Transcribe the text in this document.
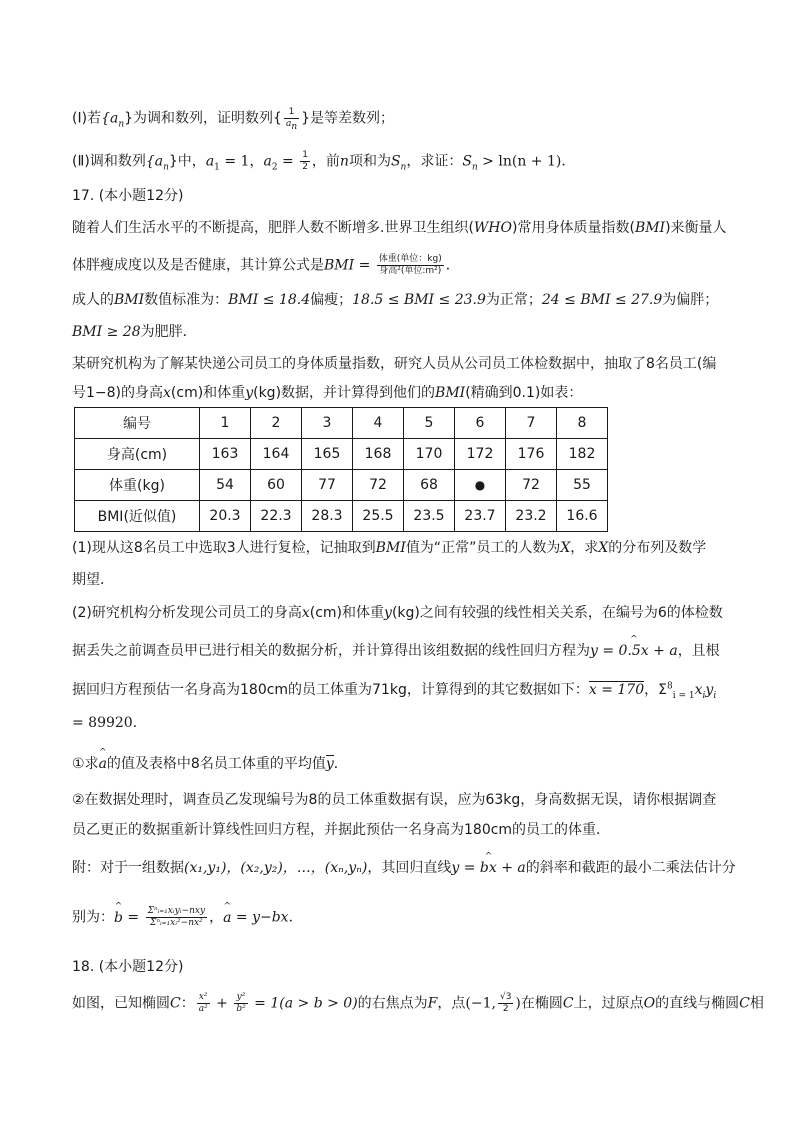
(Ⅰ)若$\{a_n\}$为调和数列，证明数列{ $\frac{1}{a_n}$ }是等差数列；
(Ⅱ)调和数列$\{a_n\}$中，$a_1 = 1$，$a_2 = \frac{1}{2}$ ，前n项和为$S_n$，求证：$S_n > \ln(n + 1)$．
17. (本小题12分)
随着人们生活水平的不断提高，肥胖人数不断增多.世界卫生组织(WHO)常用身体质量指数(BMI)来衡量人
体胖瘦成度以及是否健康，其计算公式是BMI = $\frac{\text{体重(单位：kg)}}{\text{身高²(单位:m²)}}$ ．
成人的BMI数值标准为：BMI ≤ 18.4偏瘦；18.5 ≤ BMI ≤ 23.9为正常；24 ≤ BMI ≤ 27.9为偏胖；
BMI ≥ 28为肥胖．
某研究机构为了解某快递公司员工的身体质量指数，研究人员从公司员工体检数据中，抽取了8名员工(编
号1−8)的身高x(cm)和体重y(kg)数据，并计算得到他们的BMI(精确到0.1)如表：
编号	1	2	3	4	5	6	7	8
身高(cm)	163	164	165	168	170	172	176	182
体重(kg)	54	60	77	72	68	●	72	55
BMI(近似值)	20.3	22.3	28.3	25.5	23.5	23.7	23.2	16.6
(1)现从这8名员工中选取3人进行复检，记抽取到BMI值为“正常”员工的人数为X，求X的分布列及数学
期望．
(2)研究机构分析发现公司员工的身高x(cm)和体重y(kg)之间有较强的线性相关关系，在编号为6的体检数
据丢失之前调查员甲已进行相关的数据分析，并计算得出该组数据的线性回归方程为^ y = 0.5x + a，且根
据回归方程预估一名身高为180cm的员工体重为71kg，计算得到的其它数据如下：x = 170，$\Sigma^8_{i = 1}x_iy_i$
= 89920．
①求^ a的值及表格中8名员工体重的平均值y．
②在数据处理时，调查员乙发现编号为8的员工体重数据有误，应为63kg，身高数据无误，请你根据调查
员乙更正的数据重新计算线性回归方程，并据此预估一名身高为180cm的员工的体重．
附：对于一组数据(x₁,y₁)，(x₂,y₂)，…，(xₙ,yₙ)，其回归直线^ y = bx + a的斜率和截距的最小二乘法估计分
别为：^ $b = \frac{\text{Σⁿᵢ₌₁xᵢyᵢ−nxy}}{\text{Σⁿᵢ₌₁xᵢ²−nx²}}$ ，^ a = y−bx．
18. (本小题12分)
如图，已知椭圆C： $\frac{\text{x²}}{\text{a²}} + \frac{\text{y²}}{\text{b²}} = 1(a > b > 0)$的右焦点为F，点(−1, $\frac{√3}{2}$ )在椭圆C上，过原点O的直线与椭圆C相
